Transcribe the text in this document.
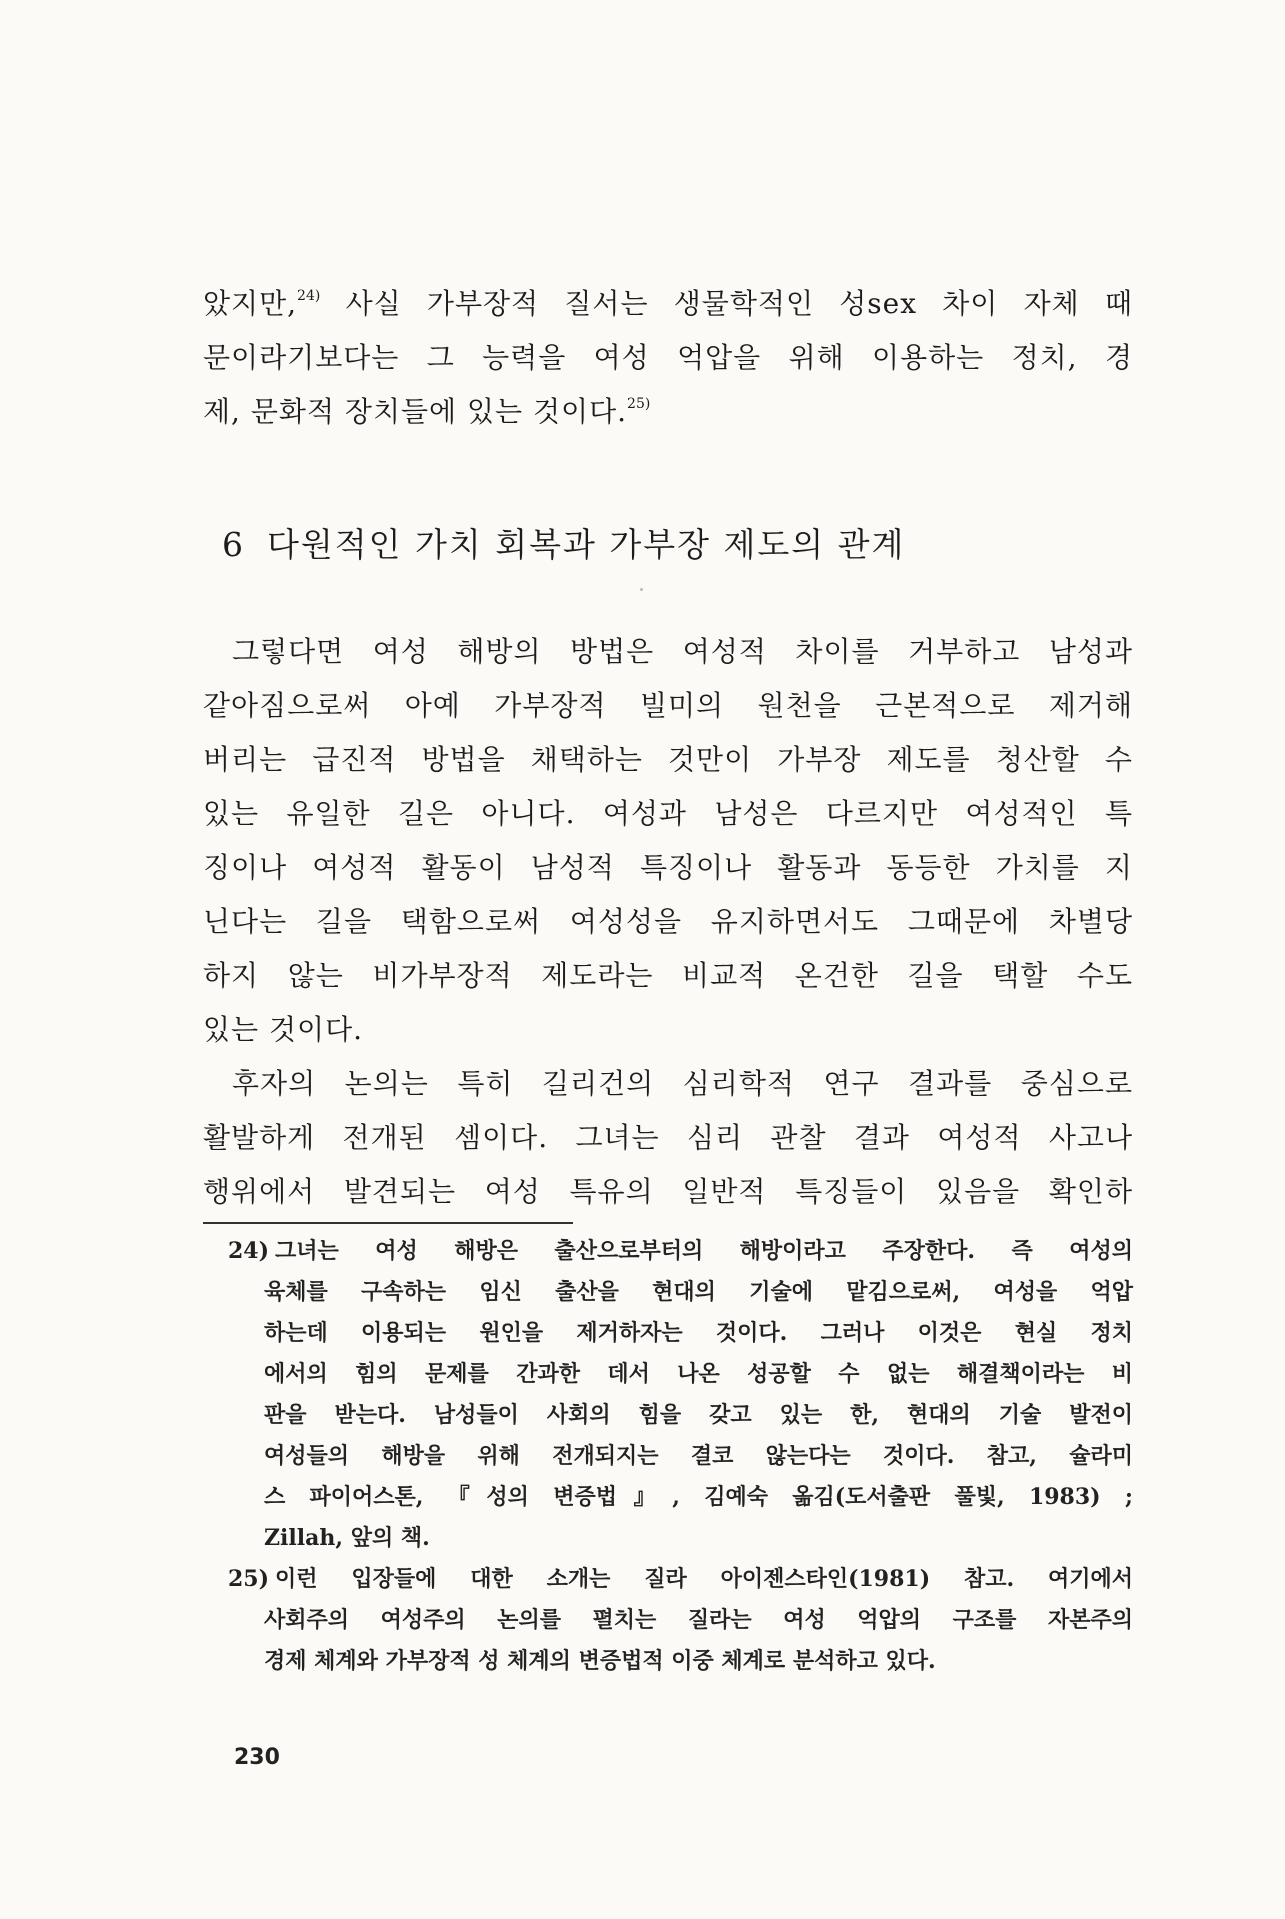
았지만,$^{24)}$ 사실 가부장적 질서는 생물학적인 성sex 차이 자체 때
문이라기보다는 그 능력을 여성 억압을 위해 이용하는 정치, 경
제, 문화적 장치들에 있는 것이다.$^{25)}$
6 다원적인 가치 회복과 가부장 제도의 관계
그렇다면 여성 해방의 방법은 여성적 차이를 거부하고 남성과
같아짐으로써 아예 가부장적 빌미의 원천을 근본적으로 제거해
버리는 급진적 방법을 채택하는 것만이 가부장 제도를 청산할 수
있는 유일한 길은 아니다. 여성과 남성은 다르지만 여성적인 특
징이나 여성적 활동이 남성적 특징이나 활동과 동등한 가치를 지
닌다는 길을 택함으로써 여성성을 유지하면서도 그때문에 차별당
하지 않는 비가부장적 제도라는 비교적 온건한 길을 택할 수도
있는 것이다.
후자의 논의는 특히 길리건의 심리학적 연구 결과를 중심으로
활발하게 전개된 셈이다. 그녀는 심리 관찰 결과 여성적 사고나
행위에서 발견되는 여성 특유의 일반적 특징들이 있음을 확인하
24) 그녀는 여성 해방은 출산으로부터의 해방이라고 주장한다. 즉 여성의
육체를 구속하는 임신 출산을 현대의 기술에 맡김으로써, 여성을 억압
하는데 이용되는 원인을 제거하자는 것이다. 그러나 이것은 현실 정치
에서의 힘의 문제를 간과한 데서 나온 성공할 수 없는 해결책이라는 비
판을 받는다. 남성들이 사회의 힘을 갖고 있는 한, 현대의 기술 발전이
여성들의 해방을 위해 전개되지는 결코 않는다는 것이다. 참고, 슐라미
스 파이어스톤, 『성의 변증법』, 김예숙 옮김(도서출판 풀빛, 1983) ;
Zillah, 앞의 책.
25) 이런 입장들에 대한 소개는 질라 아이젠스타인(1981) 참고. 여기에서
사회주의 여성주의 논의를 펼치는 질라는 여성 억압의 구조를 자본주의
경제 체계와 가부장적 성 체계의 변증법적 이중 체계로 분석하고 있다.
230
